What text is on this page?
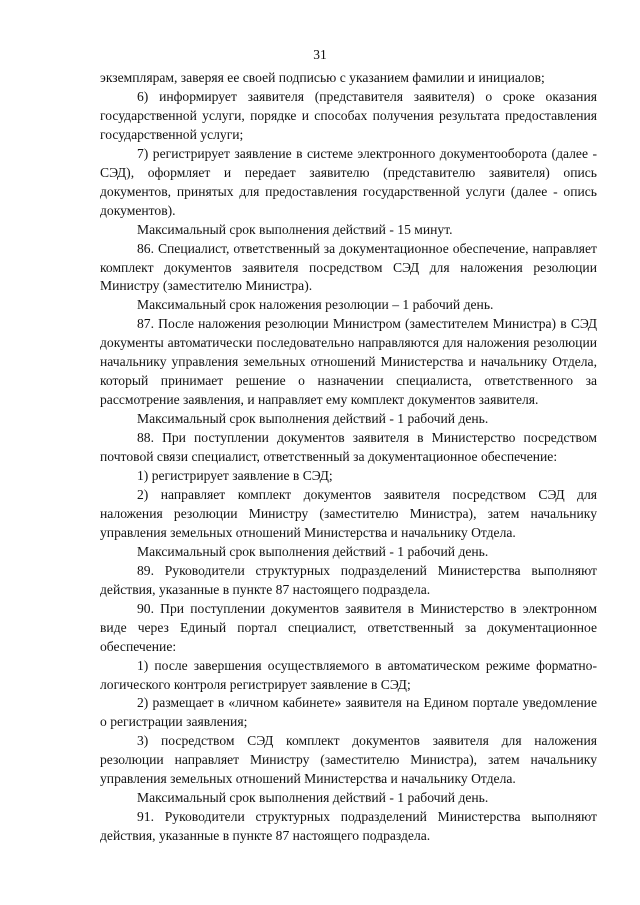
31

экземплярам, заверяя ее своей подписью с указанием фамилии и инициалов;

6) информирует заявителя (представителя заявителя) о сроке оказания государственной услуги, порядке и способах получения результата предоставления государственной услуги;

7) регистрирует заявление в системе электронного документооборота (далее - СЭД), оформляет и передает заявителю (представителю заявителя) опись документов, принятых для предоставления государственной услуги (далее - опись документов).

Максимальный срок выполнения действий - 15 минут.

86. Специалист, ответственный за документационное обеспечение, направляет комплект документов заявителя посредством СЭД для наложения резолюции Министру (заместителю Министра).

Максимальный срок наложения резолюции – 1 рабочий день.

87. После наложения резолюции Министром (заместителем Министра) в СЭД документы автоматически последовательно направляются для наложения резолюции начальнику управления земельных отношений Министерства и начальнику Отдела, который принимает решение о назначении специалиста, ответственного за рассмотрение заявления, и направляет ему комплект документов заявителя.

Максимальный срок выполнения действий - 1 рабочий день.

88. При поступлении документов заявителя в Министерство посредством почтовой связи специалист, ответственный за документационное обеспечение:

1) регистрирует заявление в СЭД;

2) направляет комплект документов заявителя посредством СЭД для наложения резолюции Министру (заместителю Министра), затем начальнику управления земельных отношений Министерства и начальнику Отдела.

Максимальный срок выполнения действий - 1 рабочий день.

89. Руководители структурных подразделений Министерства выполняют действия, указанные в пункте 87 настоящего подраздела.

90. При поступлении документов заявителя в Министерство в электронном виде через Единый портал специалист, ответственный за документационное обеспечение:

1) после завершения осуществляемого в автоматическом режиме форматно-логического контроля регистрирует заявление в СЭД;

2) размещает в «личном кабинете» заявителя на Едином портале уведомление о регистрации заявления;

3) посредством СЭД комплект документов заявителя для наложения резолюции направляет Министру (заместителю Министра), затем начальнику управления земельных отношений Министерства и начальнику Отдела.

Максимальный срок выполнения действий - 1 рабочий день.

91. Руководители структурных подразделений Министерства выполняют действия, указанные в пункте 87 настоящего подраздела.
